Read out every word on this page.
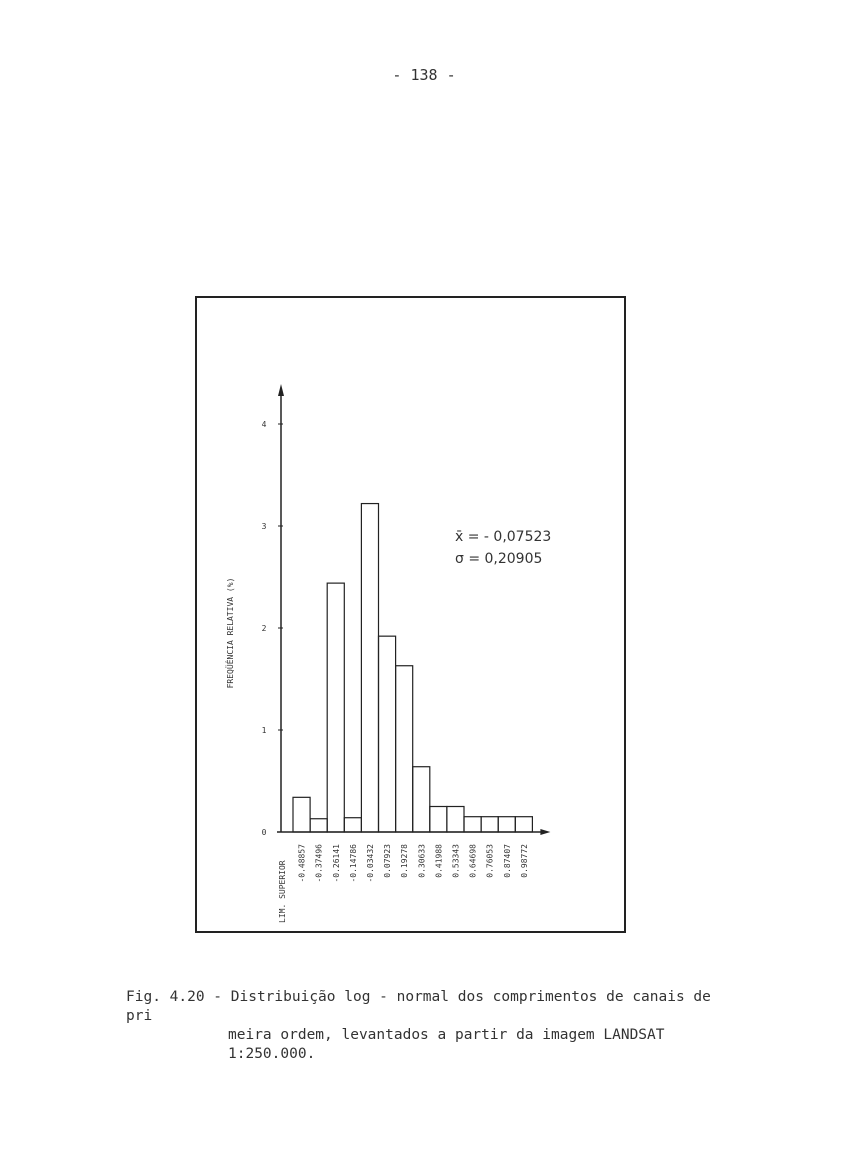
- 138 -
0
1
2
3
4
-0.48857 -0.37496 -0.26141 -0.14786 -0.03432 0.07923 0.19278 0.30633 0.41988 0.53343 0.64698 0.76053 0.87407 0.98772
FREQÜÊNCIA RELATIVA (%)
LIM. SUPERIOR
x̄ = - 0,07523
σ = 0,20905
Fig. 4.20 - Distribuição log - normal dos comprimentos de canais de pri
meira ordem, levantados a partir da imagem LANDSAT 1:250.000.
